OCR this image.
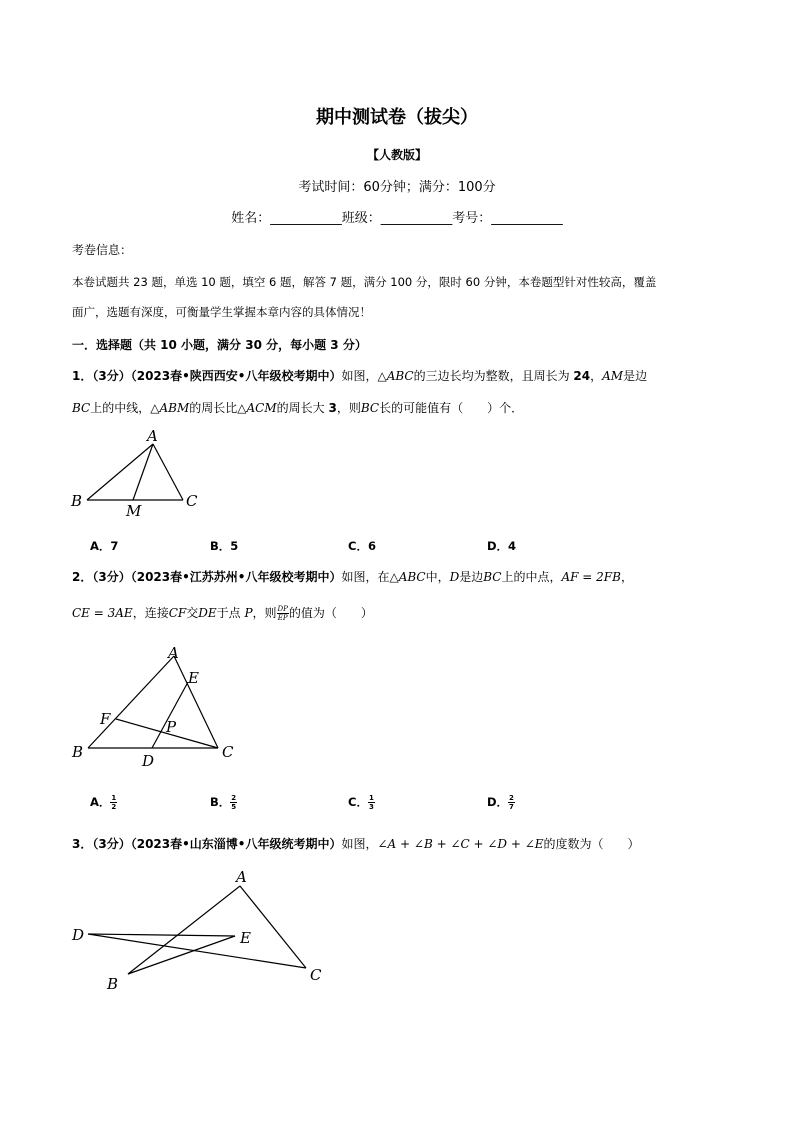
期中测试卷（拔尖）
【人教版】
考试时间：60分钟；满分：100分
姓名：___________班级：___________考号：___________
考卷信息：
本卷试题共 23 题，单选 10 题，填空 6 题，解答 7 题，满分 100 分，限时 60 分钟，本卷题型针对性较高，覆盖
面广，选题有深度，可衡量学生掌握本章内容的具体情况！
一．选择题（共 10 小题，满分 30 分，每小题 3 分）
1．（3分）（2023春•陕西西安•八年级校考期中）如图，△ABC的三边长均为整数，且周长为 24，AM是边
BC上的中线，△ABM的周长比△ACM的周长大 3，则BC长的可能值有（　　）个．
A
B	C
M
A．7	B．5	C．6	D．4
2．（3分）（2023春•江苏苏州•八年级校考期中）如图，在△ABC中，D是边BC上的中点，AF = 2FB，
CE = 3AE，连接CF交DE于点 P，则 $\frac{DP}{EP}$ 的值为（　　）
A
E
F	P
B	C
D
A． $\frac{1}{2}$	B． $\frac{2}{5}$	C． $\frac{1}{3}$	D． $\frac{2}{7}$
3．（3分）（2023春•山东淄博•八年级统考期中）如图，∠A + ∠B + ∠C + ∠D + ∠E的度数为（　　）
A
D	E
C
B
